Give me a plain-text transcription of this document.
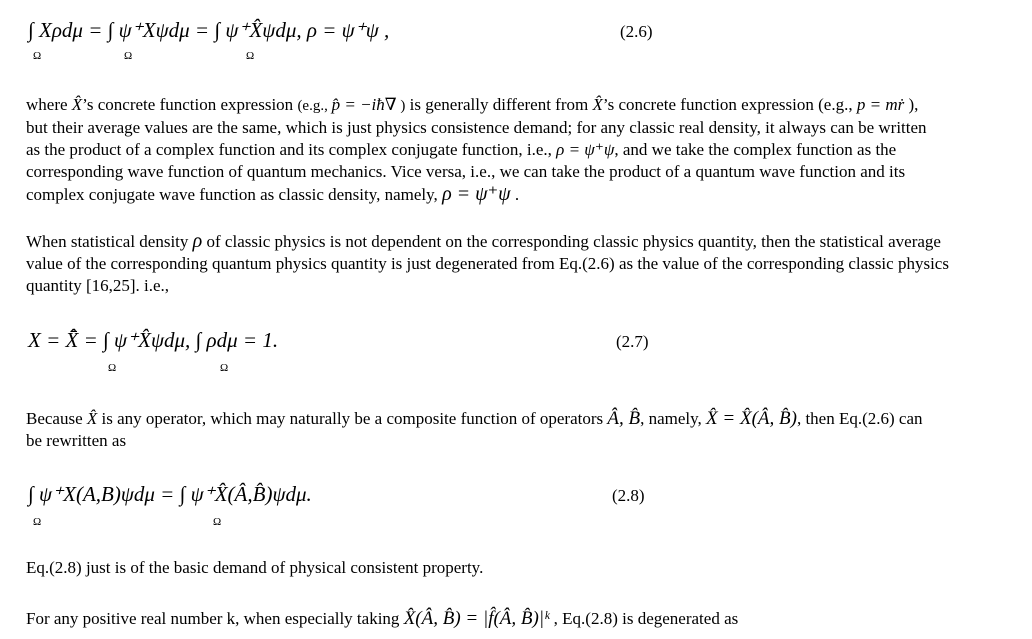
∫ Xρdμ = ∫ ψ⁺Xψdμ = ∫ ψ⁺X̂ψdμ, ρ = ψ⁺ψ ,
Ω	Ω	Ω
(2.6)
where X̂’s concrete function expression (e.g., p̂ = −iħ∇ ) is generally different from X̂’s concrete function expression (e.g., p = mṙ ),
but their average values are the same, which is just physics consistence demand; for any classic real density, it always can be written
as the product of a complex function and its complex conjugate function, i.e., ρ = ψ⁺ψ, and we take the complex function as the
corresponding wave function of quantum mechanics. Vice versa, i.e., we can take the product of a quantum wave function and its
complex conjugate wave function as classic density, namely, ρ = ψ⁺ψ .
When statistical density ρ of classic physics is not dependent on the corresponding classic physics quantity, then the statistical average
value of the corresponding quantum physics quantity is just degenerated from Eq.(2.6) as the value of the corresponding classic physics
quantity [16,25]. i.e.,
X = X̂̄ = ∫ ψ⁺X̂ψdμ, ∫ ρdμ = 1.
Ω	Ω
(2.7)
Because X̂ is any operator, which may naturally be a composite function of operators Â, B̂, namely, X̂ = X̂(Â, B̂), then Eq.(2.6) can
be rewritten as
∫ ψ⁺X(A,B)ψdμ = ∫ ψ⁺X̂(Â,B̂)ψdμ.
Ω	Ω
(2.8)
Eq.(2.8) just is of the basic demand of physical consistent property.
For any positive real number k, when especially taking X̂(Â, B̂) = |f̂(Â, B̂)|ᵏ , Eq.(2.8) is degenerated as
